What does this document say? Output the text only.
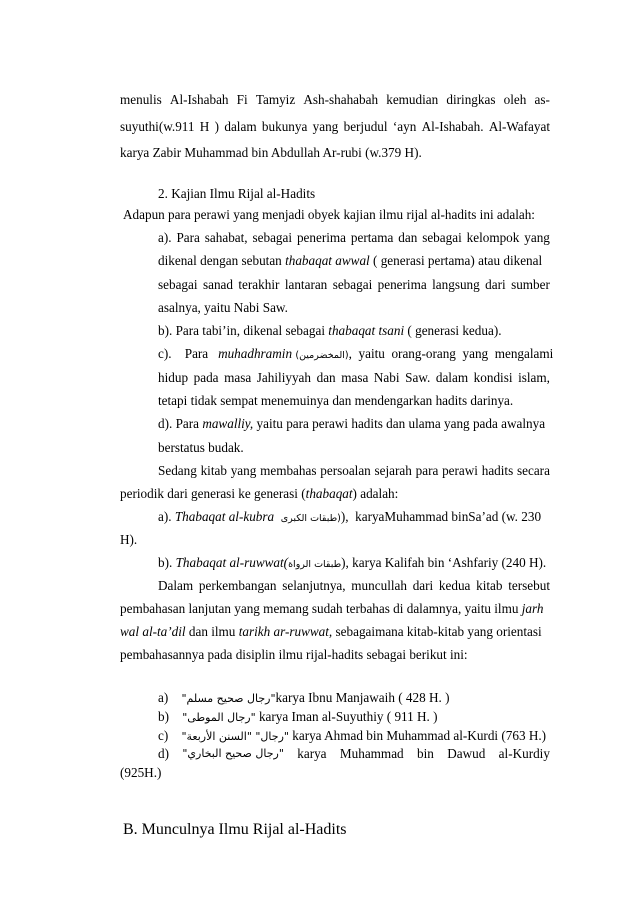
menulis Al-Ishabah Fi Tamyiz Ash-shahabah kemudian diringkas oleh as-
suyuthi(w.911 H ) dalam bukunya yang berjudul ‘ayn Al-Ishabah. Al-Wafayat
karya Zabir Muhammad bin Abdullah Ar-rubi (w.379 H).
2. Kajian Ilmu Rijal al-Hadits
Adapun para perawi yang menjadi obyek kajian ilmu rijal al-hadits ini adalah:
a). Para sahabat, sebagai penerima pertama dan sebagai kelompok yang
dikenal dengan sebutan thabaqat awwal ( generasi pertama) atau dikenal
sebagai sanad terakhir lantaran sebagai penerima langsung dari sumber
asalnya, yaitu Nabi Saw.
b). Para tabi’in, dikenal sebagai thabaqat tsani ( generasi kedua).
c).    Para   muhadhramin (المخضرمين),  yaitu  orang-orang  yang  mengalami
hidup pada masa Jahiliyyah dan masa Nabi Saw. dalam kondisi islam,
tetapi tidak sempat menemuinya dan mendengarkan hadits darinya.
d). Para mawalliy, yaitu para perawi hadits dan ulama yang pada awalnya
berstatus budak.
Sedang kitab yang membahas persoalan sejarah para perawi hadits secara
periodik dari generasi ke generasi (thabaqat) adalah:
a). Thabaqat al-kubra (طبقات الكبرى),  karyaMuhammad binSa’ad (w. 230
H).
b). Thabaqat al-ruwwat(طبقات الرواة), karya Kalifah bin ‘Ashfariy (240 H).
Dalam perkembangan selanjutnya, muncullah dari kedua kitab tersebut
pembahasan lanjutan yang memang sudah terbahas di dalamnya, yaitu ilmu jarh
wal al-ta’dil dan ilmu tarikh ar-ruwwat, sebagaimana kitab-kitab yang orientasi
pembahasannya pada disiplin ilmu rijal-hadits sebagai berikut ini:
a) "رجال صحيح مسلم"karya Ibnu Manjawaih ( 428 H. )
b) "رجال الموطى" karya Iman al-Suyuthiy ( 911 H. )
c) "رجال" "السنن الأربعة" karya Ahmad bin Muhammad al-Kurdi (763 H.)
d) "رجال صحيح البخاري" karya Muhammad bin Dawud al-Kurdiy
(925H.)
B. Munculnya Ilmu Rijal al-Hadits
